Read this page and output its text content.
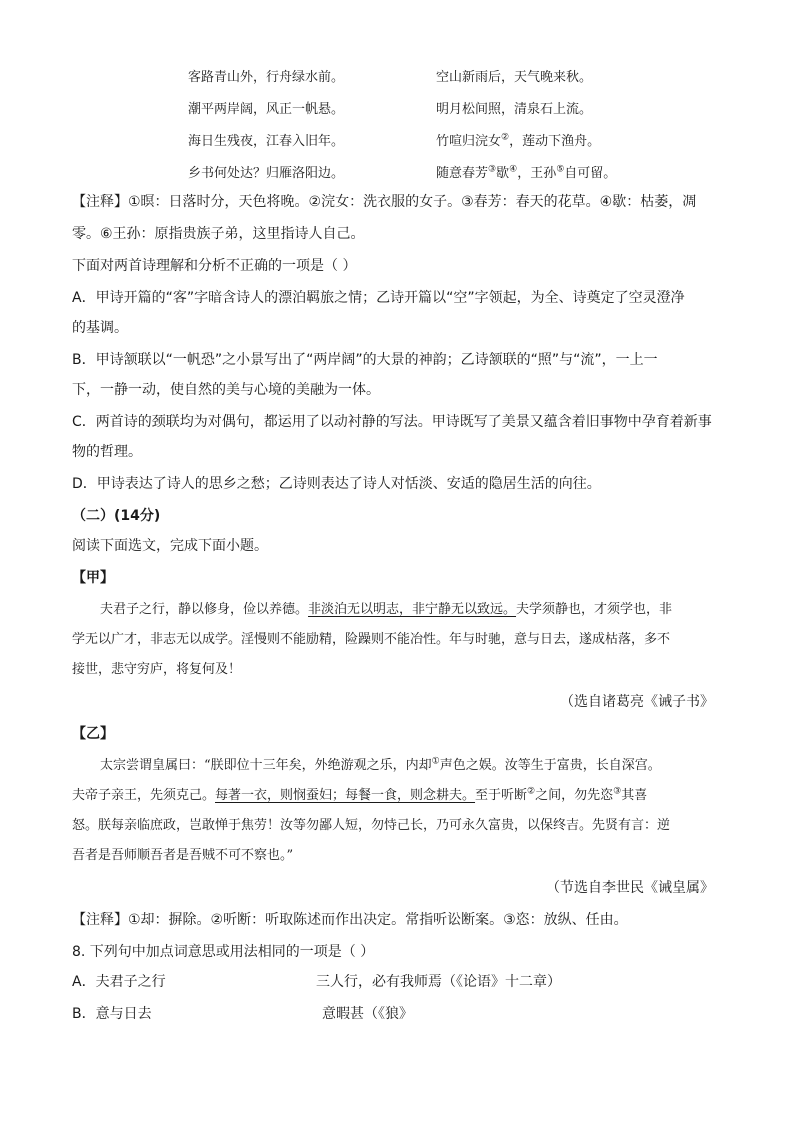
客路青山外，行舟绿水前。	空山新雨后，天气晚来秋。
潮平两岸阔，风正一帆悬。	明月松间照，清泉石上流。
海日生残夜，江春入旧年。	竹喧归浣女②，莲动下渔舟。
乡书何处达？归雁洛阳边。	随意春芳③歇④，王孙⑤自可留。
【注释】①暝：日落时分，天色将晚。②浣女：洗衣服的女子。③春芳：春天的花草。④歇：枯萎，凋
零。⑥王孙：原指贵族子弟，这里指诗人自己。
下面对两首诗理解和分析不正确的一项是（ ）
A．甲诗开篇的“客”字暗含诗人的漂泊羁旅之情；乙诗开篇以“空”字领起，为全、诗奠定了空灵澄净
的基调。
B．甲诗颔联以“一帆恐”之小景写出了“两岸阔”的大景的神韵；乙诗颔联的“照”与“流”，一上一
下，一静一动，使自然的美与心境的美融为一体。
C．两首诗的颈联均为对偶句，都运用了以动衬静的写法。甲诗既写了美景又蕴含着旧事物中孕育着新事
物的哲理。
D．甲诗表达了诗人的思乡之愁；乙诗则表达了诗人对恬淡、安适的隐居生活的向往。
（二）(14分)
阅读下面选文，完成下面小题。
【甲】
夫君子之行，静以修身，俭以养德。非淡泊无以明志，非宁静无以致远。夫学须静也，才须学也，非
学无以广才，非志无以成学。淫慢则不能励精，险躁则不能冶性。年与时驰，意与日去，遂成枯落，多不
接世，悲守穷庐，将复何及！
（选自诸葛亮《诫子书》
【乙】
太宗尝谓皇属曰：“朕即位十三年矣，外绝游观之乐，内却①声色之娱。汝等生于富贵，长自深宫。
夫帝子亲王，先须克己。每著一衣，则悯蚕妇；每餐一食，则念耕夫。至于听断②之间，勿先恣③其喜
怒。朕每亲临庶政，岂敢惮于焦劳！汝等勿鄙人短，勿恃己长，乃可永久富贵，以保终吉。先贤有言：逆
吾者是吾师顺吾者是吾贼不可不察也。”
（节选自李世民《诫皇属》
【注释】①却：摒除。②听断：听取陈述而作出决定。常指听讼断案。③恣：放纵、任由。
8. 下列句中加点词意思或用法相同的一项是（ ）
A．夫君子之行	三人行，必有我师焉（《论语》十二章）
B．意与日去	意暇甚（《狼》
